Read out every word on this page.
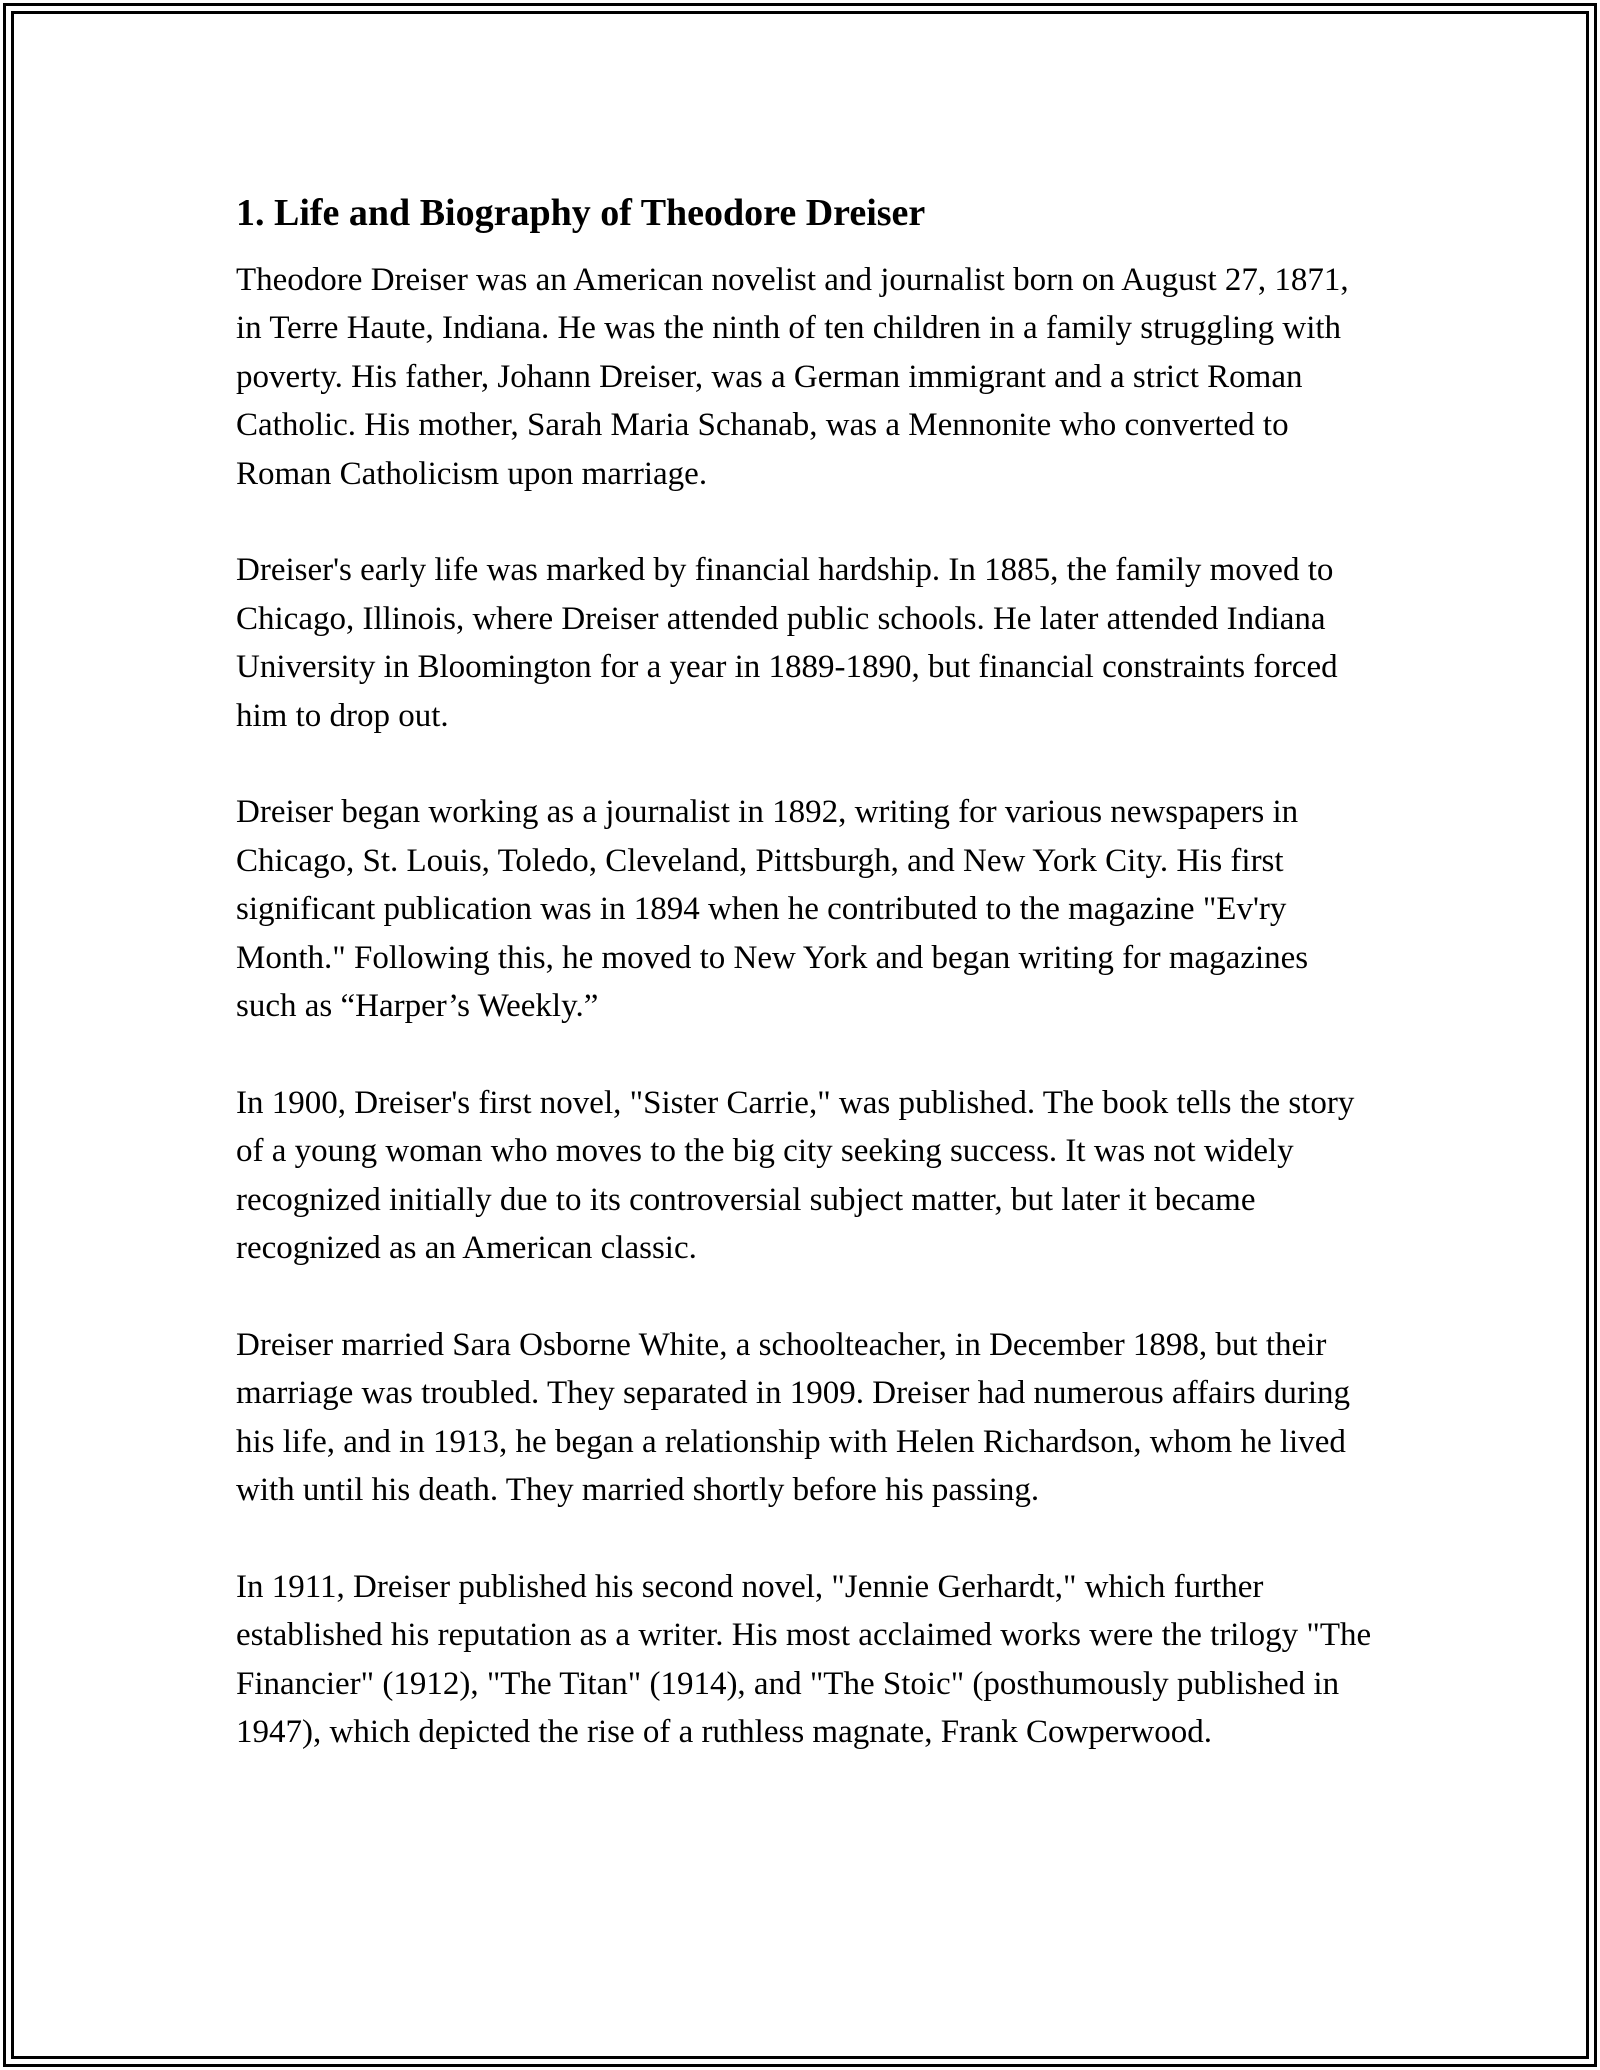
1. Life and Biography of Theodore Dreiser

Theodore Dreiser was an American novelist and journalist born on August 27, 1871, in Terre Haute, Indiana. He was the ninth of ten children in a family struggling with poverty. His father, Johann Dreiser, was a German immigrant and a strict Roman Catholic. His mother, Sarah Maria Schanab, was a Mennonite who converted to Roman Catholicism upon marriage.

Dreiser's early life was marked by financial hardship. In 1885, the family moved to Chicago, Illinois, where Dreiser attended public schools. He later attended Indiana University in Bloomington for a year in 1889-1890, but financial constraints forced him to drop out.

Dreiser began working as a journalist in 1892, writing for various newspapers in Chicago, St. Louis, Toledo, Cleveland, Pittsburgh, and New York City. His first significant publication was in 1894 when he contributed to the magazine "Ev'ry Month." Following this, he moved to New York and began writing for magazines such as “Harper’s Weekly.”

In 1900, Dreiser's first novel, "Sister Carrie," was published. The book tells the story of a young woman who moves to the big city seeking success. It was not widely recognized initially due to its controversial subject matter, but later it became recognized as an American classic.

Dreiser married Sara Osborne White, a schoolteacher, in December 1898, but their marriage was troubled. They separated in 1909. Dreiser had numerous affairs during his life, and in 1913, he began a relationship with Helen Richardson, whom he lived with until his death. They married shortly before his passing.

In 1911, Dreiser published his second novel, "Jennie Gerhardt," which further established his reputation as a writer. His most acclaimed works were the trilogy "The Financier" (1912), "The Titan" (1914), and "The Stoic" (posthumously published in 1947), which depicted the rise of a ruthless magnate, Frank Cowperwood.
